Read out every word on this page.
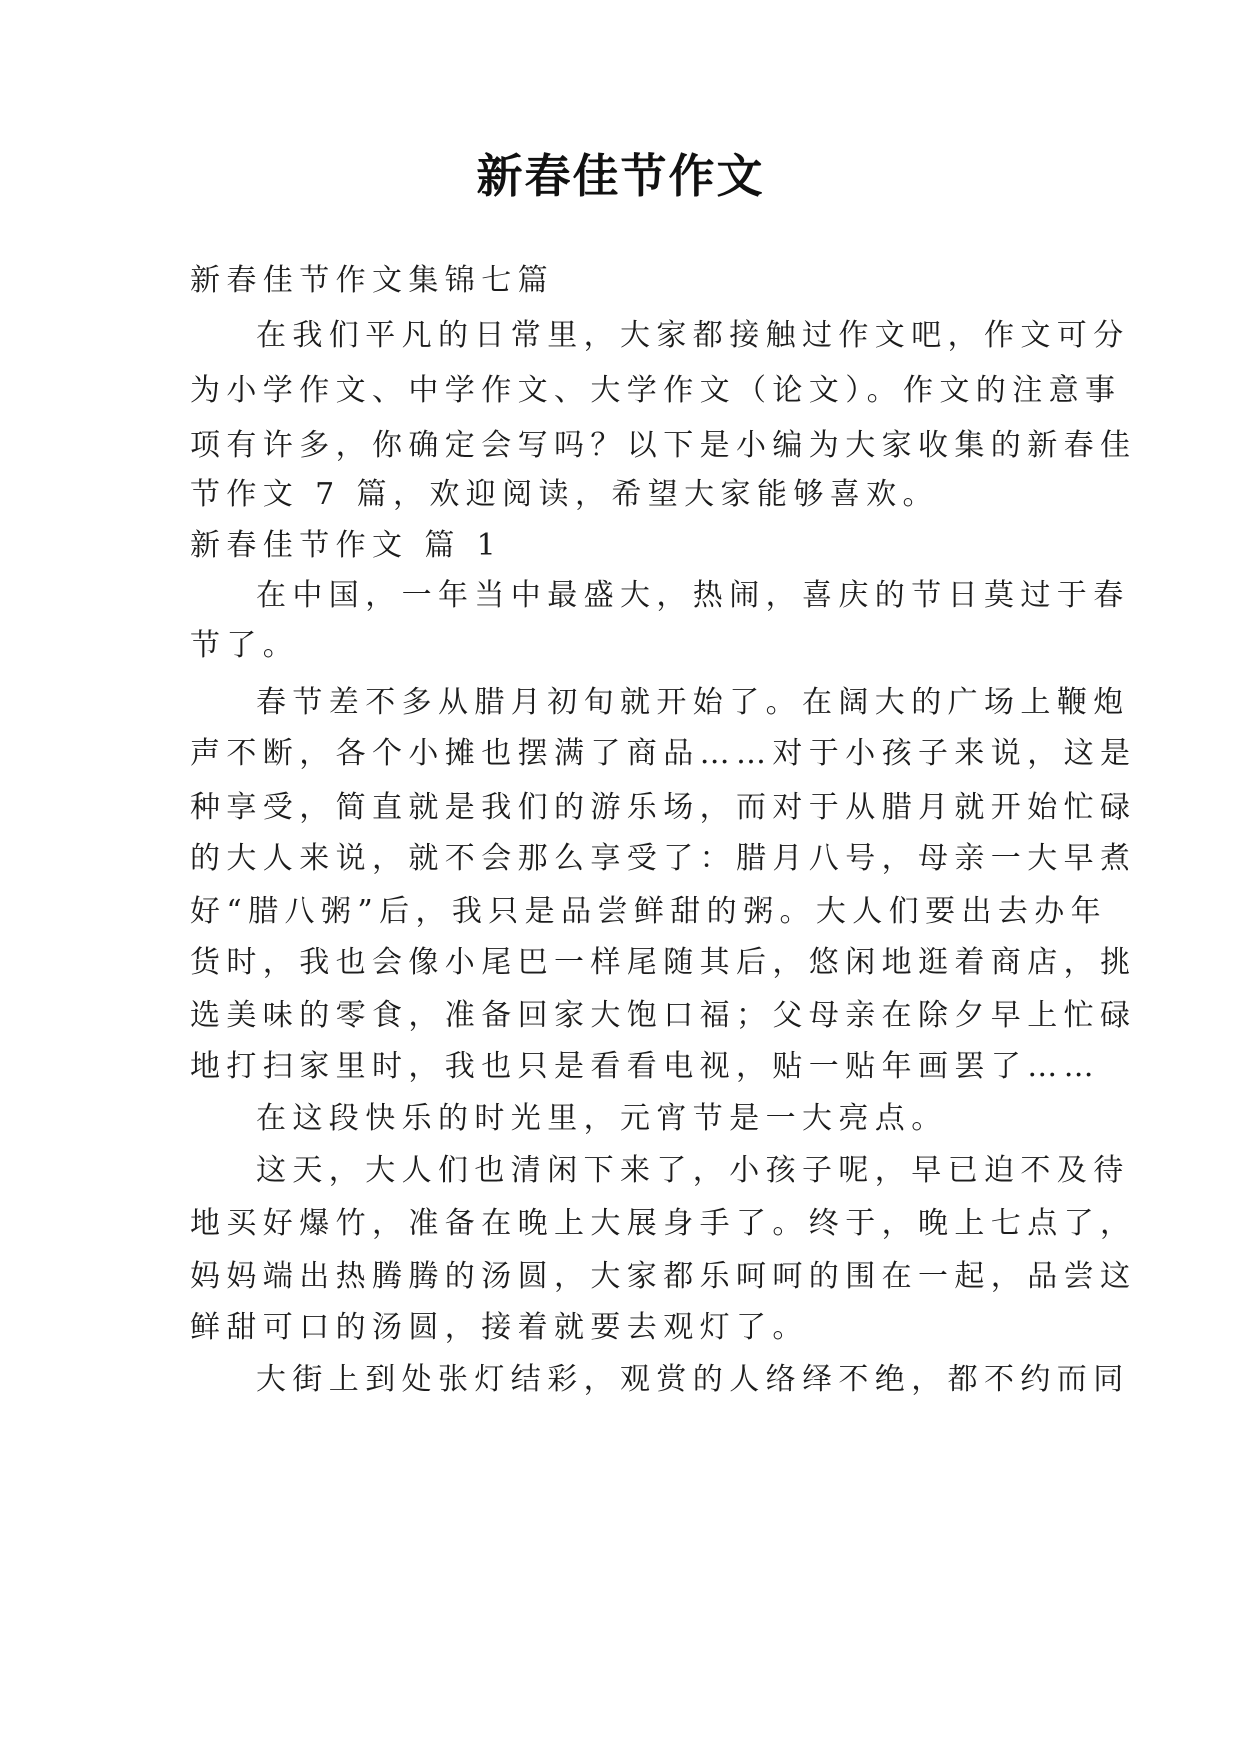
新春佳节作文
新春佳节作文集锦七篇
在我们平凡的日常里，大家都接触过作文吧，作文可分
为小学作文、中学作文、大学作文（论文）。作文的注意事
项有许多，你确定会写吗？以下是小编为大家收集的新春佳
节作文 7 篇，欢迎阅读，希望大家能够喜欢。
新春佳节作文 篇 1
在中国，一年当中最盛大，热闹，喜庆的节日莫过于春
节了。
春节差不多从腊月初旬就开始了。在阔大的广场上鞭炮
声不断，各个小摊也摆满了商品……对于小孩子来说，这是
种享受，简直就是我们的游乐场，而对于从腊月就开始忙碌
的大人来说，就不会那么享受了：腊月八号，母亲一大早煮
好“腊八粥”后，我只是品尝鲜甜的粥。大人们要出去办年
货时，我也会像小尾巴一样尾随其后，悠闲地逛着商店，挑
选美味的零食，准备回家大饱口福；父母亲在除夕早上忙碌
地打扫家里时，我也只是看看电视，贴一贴年画罢了……
在这段快乐的时光里，元宵节是一大亮点。
这天，大人们也清闲下来了，小孩子呢，早已迫不及待
地买好爆竹，准备在晚上大展身手了。终于，晚上七点了，
妈妈端出热腾腾的汤圆，大家都乐呵呵的围在一起，品尝这
鲜甜可口的汤圆，接着就要去观灯了。
大街上到处张灯结彩，观赏的人络绎不绝，都不约而同
